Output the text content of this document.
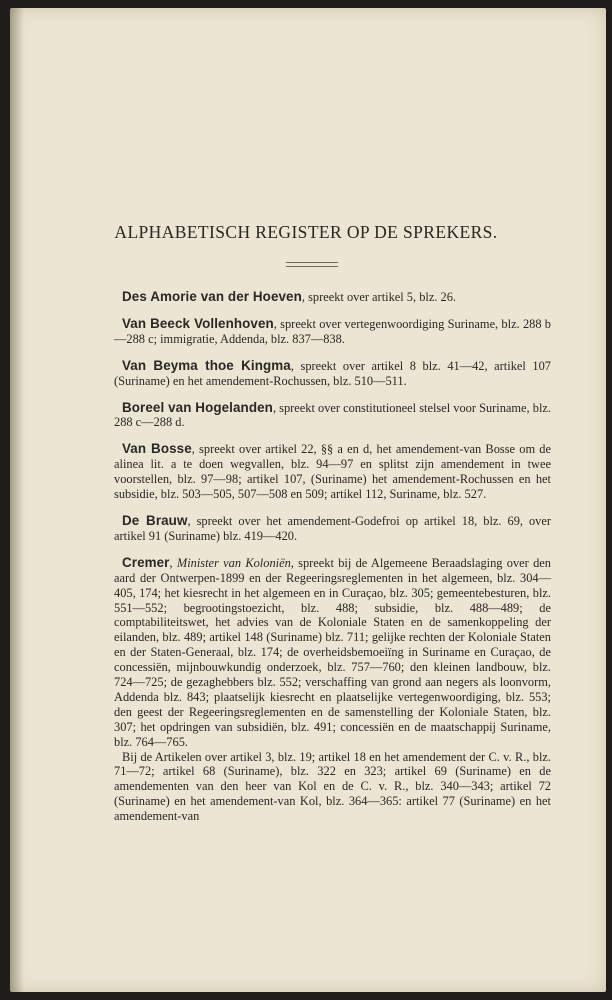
ALPHABETISCH REGISTER OP DE SPREKERS.

Des Amorie van der Hoeven, spreekt over artikel 5, blz. 26.

Van Beeck Vollenhoven, spreekt over vertegenwoordiging Suriname, blz. 288 b—288 c; immigratie, Addenda, blz. 837—838.

Van Beyma thoe Kingma, spreekt over artikel 8 blz. 41—42, artikel 107 (Suriname) en het amendement-Rochussen, blz. 510—511.

Boreel van Hogelanden, spreekt over constitutioneel stelsel voor Suriname, blz. 288 c—288 d.

Van Bosse, spreekt over artikel 22, §§ a en d, het amendement-van Bosse om de alinea lit. a te doen wegvallen, blz. 94—97 en splitst zijn amendement in twee voorstellen, blz. 97—98; artikel 107, (Suriname) het amendement-Rochussen en het subsidie, blz. 503—505, 507—508 en 509; artikel 112, Suriname, blz. 527.

De Brauw, spreekt over het amendement-Godefroi op artikel 18, blz. 69, over artikel 91 (Suriname) blz. 419—420.

Cremer, Minister van Koloniën, spreekt bij de Algemeene Beraadslaging over den aard der Ontwerpen-1899 en der Regeeringsreglementen in het algemeen, blz. 304—405, 174; het kiesrecht in het algemeen en in Curaçao, blz. 305; gemeentebesturen, blz. 551—552; begrootingstoezicht, blz. 488; subsidie, blz. 488—489; de comptabiliteitswet, het advies van de Koloniale Staten en de samenkoppeling der eilanden, blz. 489; artikel 148 (Suriname) blz. 711; gelijke rechten der Koloniale Staten en der Staten-Generaal, blz. 174; de overheidsbemoeiïng in Suriname en Curaçao, de concessiën, mijnbouwkundig onderzoek, blz. 757—760; den kleinen landbouw, blz. 724—725; de gezaghebbers blz. 552; verschaffing van grond aan negers als loonvorm, Addenda blz. 843; plaatselijk kiesrecht en plaatselijke vertegenwoordiging, blz. 553; den geest der Regeeringsreglementen en de samenstelling der Koloniale Staten, blz. 307; het opdringen van subsidiën, blz. 491; concessiën en de maatschappij Suriname, blz. 764—765.

Bij de Artikelen over artikel 3, blz. 19; artikel 18 en het amendement der C. v. R., blz. 71—72; artikel 68 (Suriname), blz. 322 en 323; artikel 69 (Suriname) en de amendementen van den heer van Kol en de C. v. R., blz. 340—343; artikel 72 (Suriname) en het amendement-van Kol, blz. 364—365: artikel 77 (Suriname) en het amendement-van
